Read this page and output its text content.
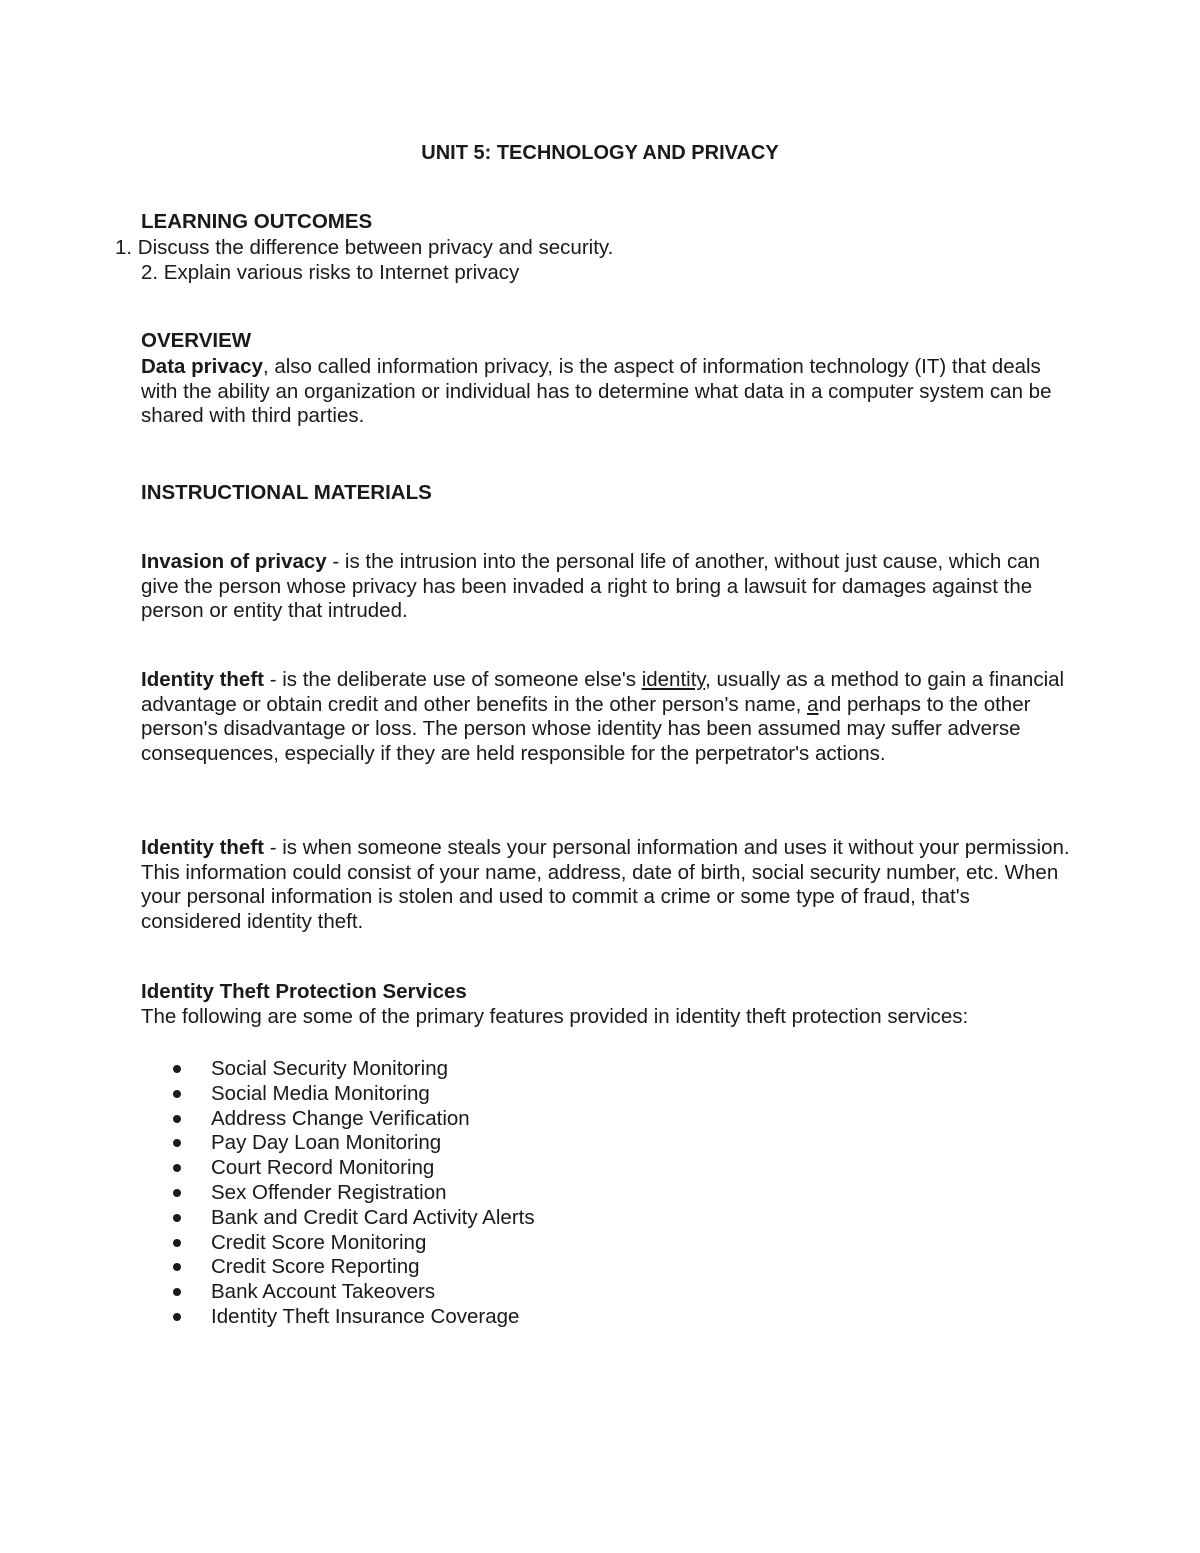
UNIT 5: TECHNOLOGY AND PRIVACY
LEARNING OUTCOMES
1. Discuss the difference between privacy and security.
2. Explain various risks to Internet privacy
OVERVIEW

Data privacy, also called information privacy, is the aspect of information technology (IT) that deals with the ability an organization or individual has to determine what data in a computer system can be shared with third parties.

INSTRUCTIONAL MATERIALS

Invasion of privacy - is the intrusion into the personal life of another, without just cause, which can give the person whose privacy has been invaded a right to bring a lawsuit for damages against the person or entity that intruded.

Identity theft - is the deliberate use of someone else's identity, usually as a method to gain a financial advantage or obtain credit and other benefits in the other person's name, and perhaps to the other person's disadvantage or loss. The person whose identity has been assumed may suffer adverse consequences, especially if they are held responsible for the perpetrator's actions.

Identity theft - is when someone steals your personal information and uses it without your permission. This information could consist of your name, address, date of birth, social security number, etc. When your personal information is stolen and used to commit a crime or some type of fraud, that's considered identity theft.

Identity Theft Protection Services
The following are some of the primary features provided in identity theft protection services:
Social Security Monitoring
Social Media Monitoring
Address Change Verification
Pay Day Loan Monitoring
Court Record Monitoring
Sex Offender Registration
Bank and Credit Card Activity Alerts
Credit Score Monitoring
Credit Score Reporting
Bank Account Takeovers
Identity Theft Insurance Coverage
